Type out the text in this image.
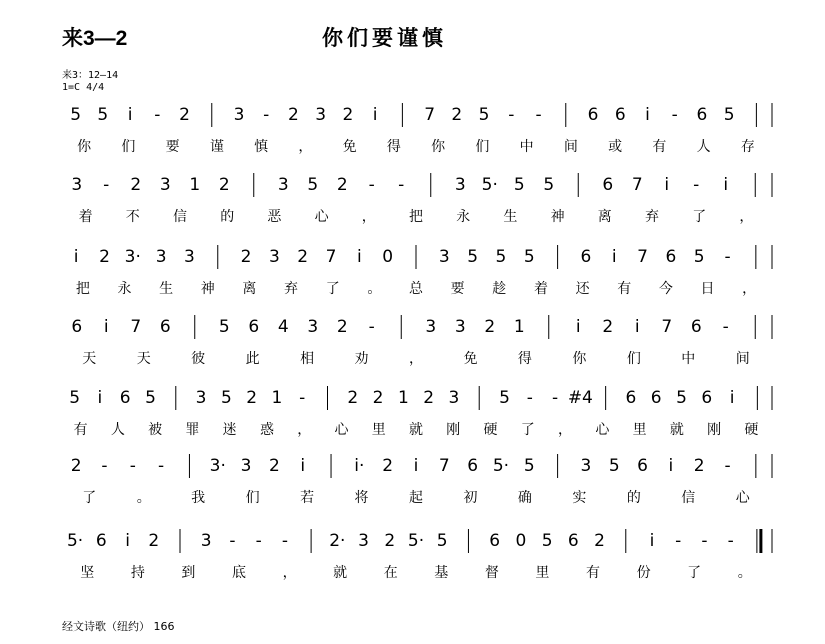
来3—2	你们要谨慎
来3：12—14
1=C 4/4
5 5 i - 2	3 - 2 3 2 i	7 2 5 - -	6 6 i - 6 5
你 们 要 谨 慎 ， 免 得 你 们 中 间 或 有 人 存
3 - 2 3 1 2	3 5 2 - -	3 5· 5 5	6 7 i - i
着 不 信 的 恶 心 ， 把 永 生 神 离 弃 了 ，
i 2 3· 3 3	2 3 2 7 i 0	3 5 5 5	6 i 7 6 5 -
把 永 生 神 离 弃 了 。 总 要 趁 着 还 有 今 日 ，
6 i 7 6	5 6 4 3 2 -	3 3 2 1	i 2 i 7 6 -
天	天	彼	此	相	劝	，	免	得	你	们	中	间
5 i 6 5 3 5 2 1 - 2 2 1 2 3 5 - - #4 6 6 5 6 i
有 人 被 罪 迷 惑 ， 心 里 就 刚 硬 了 ， 心 里 就 刚 硬
2 - - -	3· 3 2 i	i· 2 i 7 6 5· 5	3 5 6 i 2 -
了	。	我	们	若	将	起	初	确	实	的	信	心
5· 6 i 2 3 - - - 2· 3 2 5· 5 6 0 5 6 2	i - - -
坚	持	到	底	，	就	在	基	督	里	有	份	了	。
经文诗歌（纽约） 166
